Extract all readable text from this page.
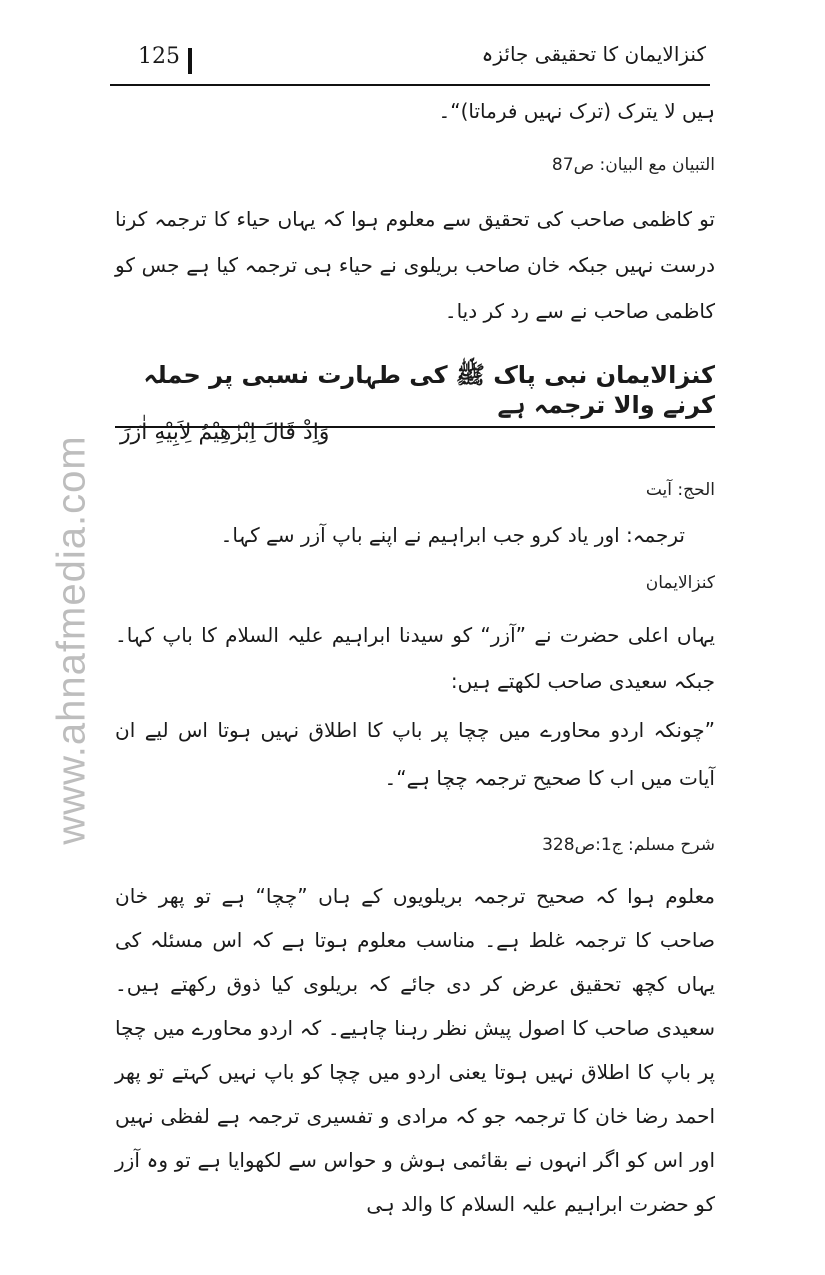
www.ahnafmedia.com
125	کنزالایمان کا تحقیقی جائزہ

ہیں لا یترک (ترک نہیں فرماتا)“۔

التبیان مع البیان: ص87

تو کاظمی صاحب کی تحقیق سے معلوم ہوا کہ یہاں حیاء کا ترجمہ کرنا درست نہیں جبکہ خان صاحب بریلوی نے حیاء ہی ترجمہ کیا ہے جس کو کاظمی صاحب نے سے رد کر دیا۔

کنزالایمان نبی پاک ﷺ کی طہارت نسبی پر حملہ کرنے والا ترجمہ ہے

وَاِذْ قَالَ اِبْرٰهِیْمُ لِاَبِیْهِ اٰزَرَ

الحج: آیت

ترجمہ: اور یاد کرو جب ابراہیم نے اپنے باپ آزر سے کہا۔

کنزالایمان

یہاں اعلی حضرت نے ”آزر“ کو سیدنا ابراہیم علیہ السلام کا باپ کہا۔ جبکہ سعیدی صاحب لکھتے ہیں:

”چونکہ اردو محاورے میں چچا پر باپ کا اطلاق نہیں ہوتا اس لیے ان آیات میں اب کا صحیح ترجمہ چچا ہے“۔

شرح مسلم: ج1:ص328

معلوم ہوا کہ صحیح ترجمہ بریلویوں کے ہاں ”چچا“ ہے تو پھر خان صاحب کا ترجمہ غلط ہے۔ مناسب معلوم ہوتا ہے کہ اس مسئلہ کی یہاں کچھ تحقیق عرض کر دی جائے کہ بریلوی کیا ذوق رکھتے ہیں۔ سعیدی صاحب کا اصول پیش نظر رہنا چاہیے۔ کہ اردو محاورے میں چچا پر باپ کا اطلاق نہیں ہوتا یعنی اردو میں چچا کو باپ نہیں کہتے تو پھر احمد رضا خان کا ترجمہ جو کہ مرادی و تفسیری ترجمہ ہے لفظی نہیں اور اس کو اگر انہوں نے بقائمی ہوش و حواس سے لکھوایا ہے تو وہ آزر کو حضرت ابراہیم علیہ السلام کا والد ہی
